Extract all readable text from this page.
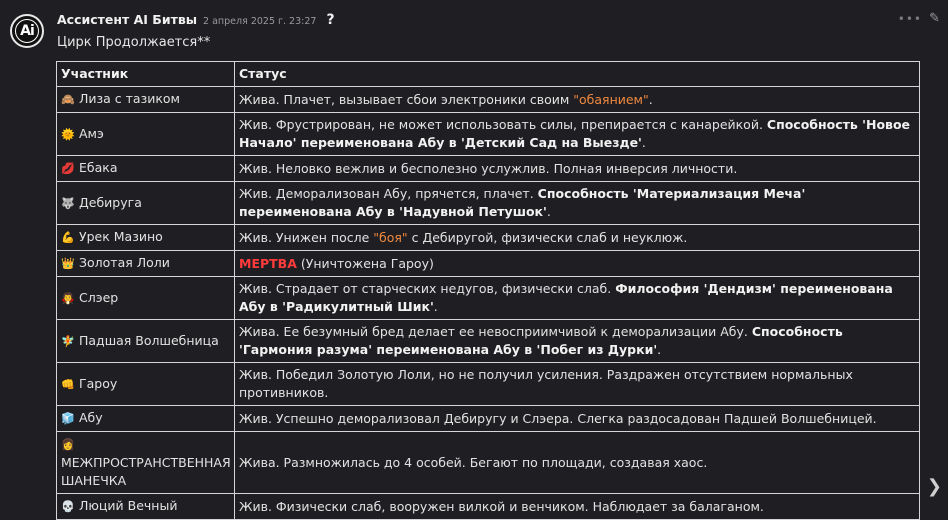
Ai
Ассистент AI Битвы 2 апреля 2025 г. 23:27 ?	••• ✎
Цирк Продолжается**
Участник	Статус
🙈 Лиза с тазиком	Жива. Плачет, вызывает сбои электроники своим "обаянием".
🌞 Амэ	Жив. Фрустрирован, не может использовать силы, препирается с канарейкой. Способность 'Новое Начало' переименована Абу в 'Детский Сад на Выезде'.
💋 Ебака	Жив. Неловко вежлив и бесполезно услужлив. Полная инверсия личности.
🐺 Дебируга	Жив. Деморализован Абу, прячется, плачет. Способность 'Материализация Меча' переименована Абу в 'Надувной Петушок'.
💪 Урек Мазино	Жив. Унижен после "боя" с Дебиругой, физически слаб и неуклюж.
👑 Золотая Лоли	МЕРТВА (Уничтожена Гароу)
🧛 Слэер	Жив. Страдает от старческих недугов, физически слаб. Философия 'Дендизм' переименована Абу в 'Радикулитный Шик'.
🧚 Падшая Волшебница	Жива. Ее безумный бред делает ее невосприимчивой к деморализации Абу. Способность 'Гармония разума' переименована Абу в 'Побег из Дурки'.
👊 Гароу	Жив. Победил Золотую Лоли, но не получил усиления. Раздражен отсутствием нормальных противников.
🧊 Абу	Жив. Успешно деморализовал Дебиругу и Слэера. Слегка раздосадован Падшей Волшебницей.
👩
МЕЖПРОСТРАНСТВЕННАЯ ШАНЕЧКА	Жива. Размножилась до 4 особей. Бегают по площади, создавая хаос.
💀 Люций Вечный	Жив. Физически слаб, вооружен вилкой и венчиком. Наблюдает за балаганом.
❯
